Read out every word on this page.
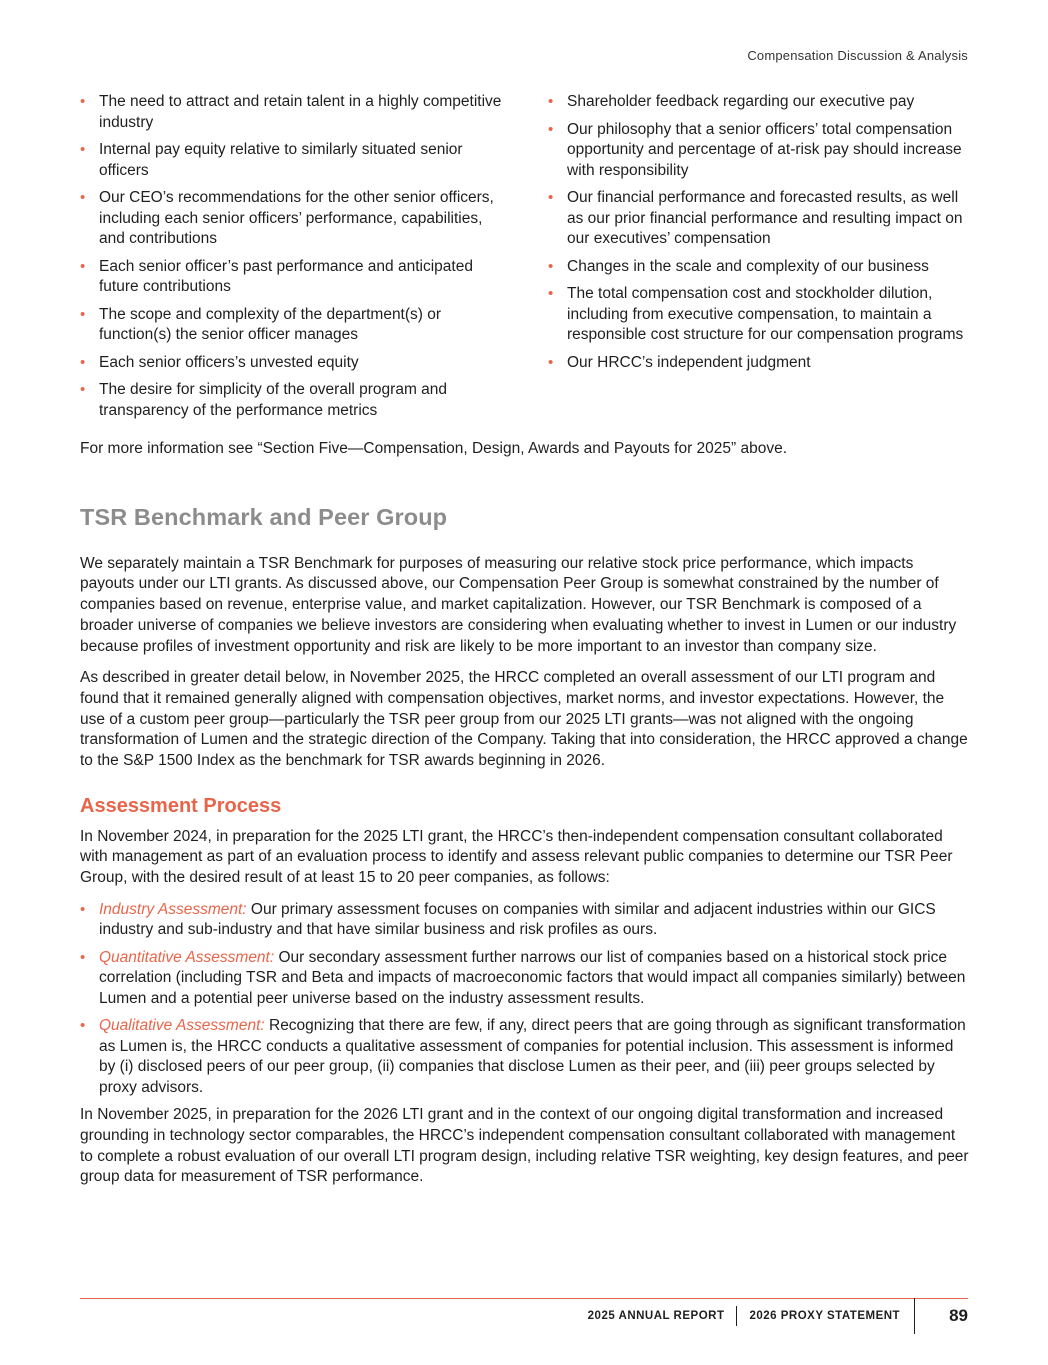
Compensation Discussion & Analysis
• The need to attract and retain talent in a highly competitive industry
• Internal pay equity relative to similarly situated senior officers
• Our CEO’s recommendations for the other senior officers, including each senior officers’ performance, capabilities, and contributions
• Each senior officer’s past performance and anticipated future contributions
• The scope and complexity of the department(s) or function(s) the senior officer manages
• Each senior officers’s unvested equity
• The desire for simplicity of the overall program and transparency of the performance metrics
• Shareholder feedback regarding our executive pay
• Our philosophy that a senior officers’ total compensation opportunity and percentage of at-risk pay should increase with responsibility
• Our financial performance and forecasted results, as well as our prior financial performance and resulting impact on our executives’ compensation
• Changes in the scale and complexity of our business
• The total compensation cost and stockholder dilution, including from executive compensation, to maintain a responsible cost structure for our compensation programs
• Our HRCC’s independent judgment

For more information see “Section Five—Compensation, Design, Awards and Payouts for 2025” above.

TSR Benchmark and Peer Group

We separately maintain a TSR Benchmark for purposes of measuring our relative stock price performance, which impacts payouts under our LTI grants. As discussed above, our Compensation Peer Group is somewhat constrained by the number of companies based on revenue, enterprise value, and market capitalization. However, our TSR Benchmark is composed of a broader universe of companies we believe investors are considering when evaluating whether to invest in Lumen or our industry because profiles of investment opportunity and risk are likely to be more important to an investor than company size.

As described in greater detail below, in November 2025, the HRCC completed an overall assessment of our LTI program and found that it remained generally aligned with compensation objectives, market norms, and investor expectations. However, the use of a custom peer group—particularly the TSR peer group from our 2025 LTI grants—was not aligned with the ongoing transformation of Lumen and the strategic direction of the Company. Taking that into consideration, the HRCC approved a change to the S&P 1500 Index as the benchmark for TSR awards beginning in 2026.

Assessment Process

In November 2024, in preparation for the 2025 LTI grant, the HRCC’s then-independent compensation consultant collaborated with management as part of an evaluation process to identify and assess relevant public companies to determine our TSR Peer Group, with the desired result of at least 15 to 20 peer companies, as follows:

• Industry Assessment: Our primary assessment focuses on companies with similar and adjacent industries within our GICS industry and sub-industry and that have similar business and risk profiles as ours.
• Quantitative Assessment: Our secondary assessment further narrows our list of companies based on a historical stock price correlation (including TSR and Beta and impacts of macroeconomic factors that would impact all companies similarly) between Lumen and a potential peer universe based on the industry assessment results.
• Qualitative Assessment: Recognizing that there are few, if any, direct peers that are going through as significant transformation as Lumen is, the HRCC conducts a qualitative assessment of companies for potential inclusion. This assessment is informed by (i) disclosed peers of our peer group, (ii) companies that disclose Lumen as their peer, and (iii) peer groups selected by proxy advisors.

In November 2025, in preparation for the 2026 LTI grant and in the context of our ongoing digital transformation and increased grounding in technology sector comparables, the HRCC’s independent compensation consultant collaborated with management to complete a robust evaluation of our overall LTI program design, including relative TSR weighting, key design features, and peer group data for measurement of TSR performance.

2025 ANNUAL REPORT 2026 PROXY STATEMENT	89
